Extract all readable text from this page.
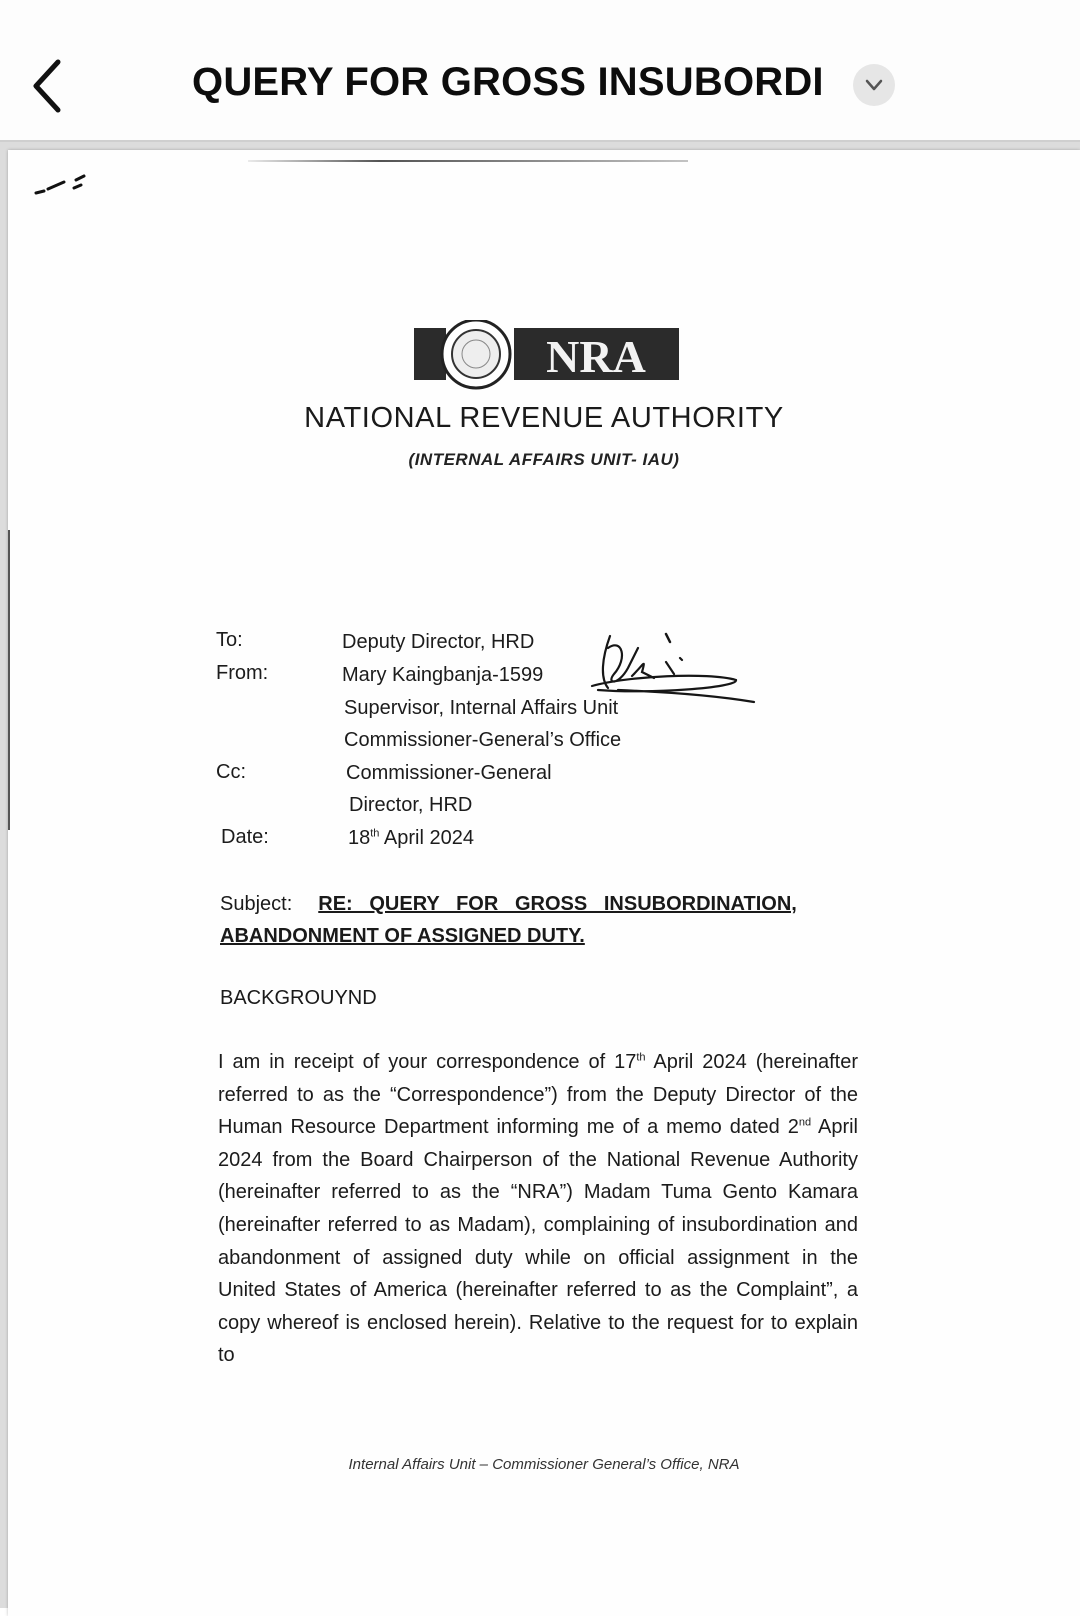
QUERY FOR GROSS INSUBORDI
NRA
NATIONAL REVENUE AUTHORITY
(INTERNAL AFFAIRS UNIT- IAU)
To:	Deputy Director, HRD
From:	Mary Kaingbanja-1599
Supervisor, Internal Affairs Unit
Commissioner-General’s Office
Cc:	Commissioner-General
Director, HRD
Date:	18th April 2024
Subject: RE:   QUERY   FOR   GROSS   INSUBORDINATION,
ABANDONMENT OF ASSIGNED DUTY.
BACKGROUYND
I am in receipt of your correspondence of 17th April 2024 (hereinafter referred to as the “Correspondence”) from the Deputy Director of the Human Resource Department informing me of a memo dated 2nd April 2024 from the Board Chairperson of the National Revenue Authority (hereinafter referred to as the “NRA”) Madam Tuma Gento Kamara (hereinafter referred to as Madam), complaining of insubordination and abandonment of assigned duty while on official assignment in the United States of America (hereinafter referred to as the Complaint”, a copy whereof is enclosed herein). Relative to the request for to explain to
Internal Affairs Unit – Commissioner General’s Office, NRA
